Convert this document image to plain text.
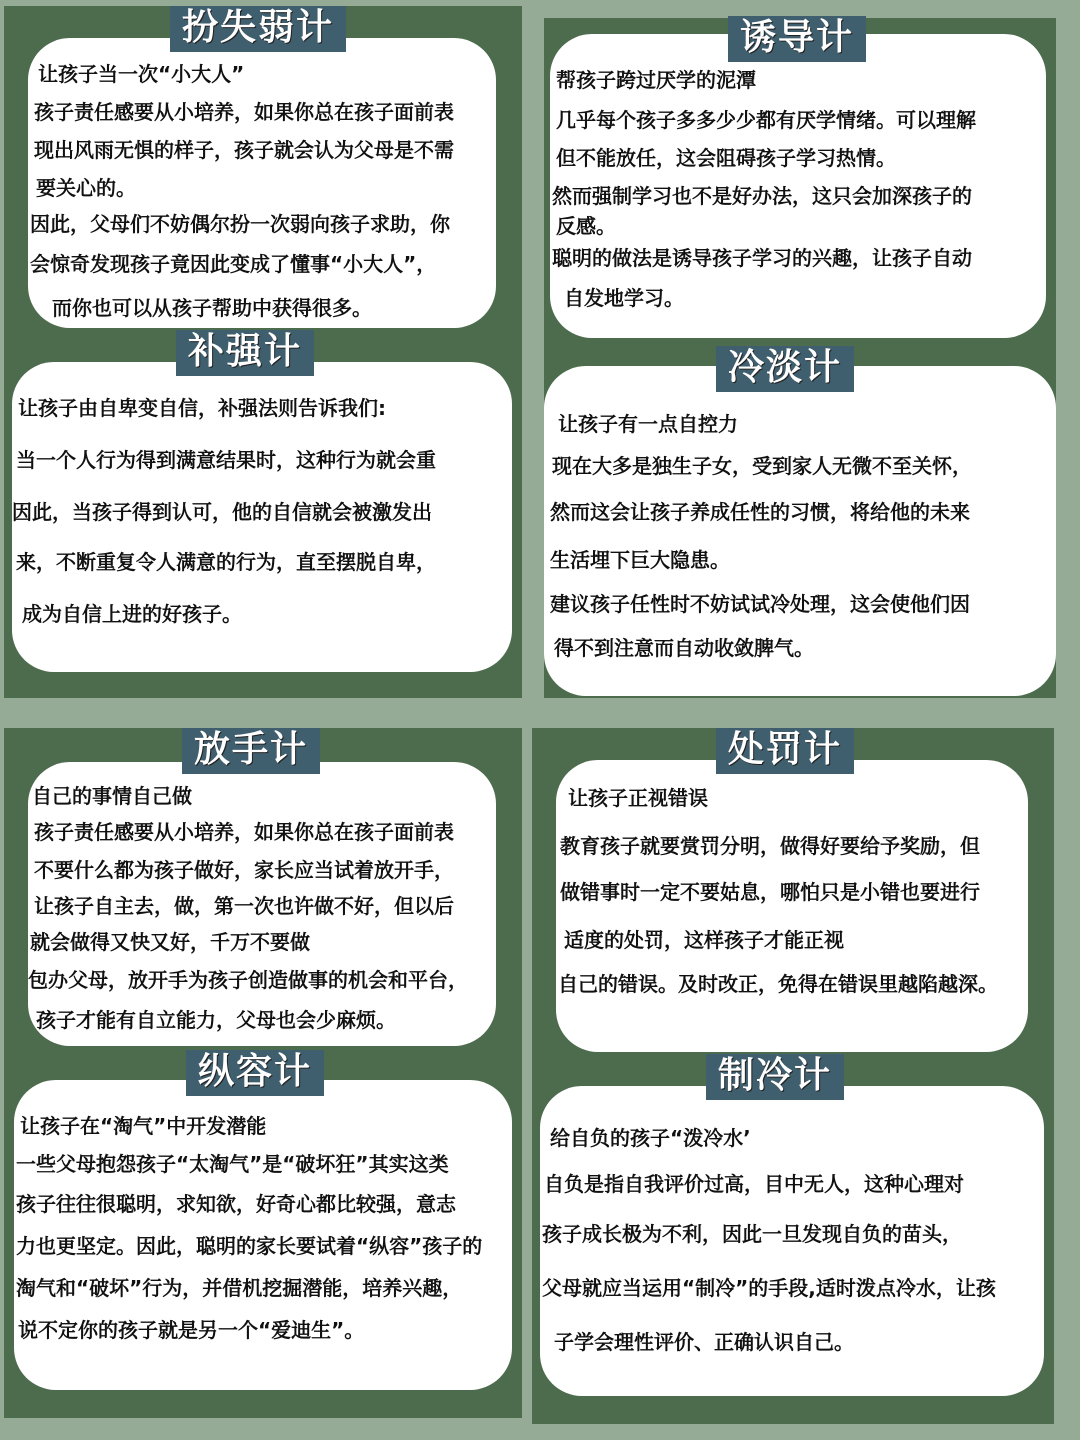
让孩子当一次“小大人”
孩子责任感要从小培养，如果你总在孩子面前表
现出风雨无惧的样子，孩子就会认为父母是不需
要关心的。
因此，父母们不妨偶尔扮一次弱向孩子求助，你
会惊奇发现孩子竟因此变成了懂事“小大人”，
而你也可以从孩子帮助中获得很多。
扮失弱计
帮孩子跨过厌学的泥潭
几乎每个孩子多多少少都有厌学情绪。可以理解
但不能放任，这会阻碍孩子学习热情。
然而强制学习也不是好办法，这只会加深孩子的
反感。
聪明的做法是诱导孩子学习的兴趣，让孩子自动
自发地学习。
诱导计
让孩子由自卑变自信，补强法则告诉我们:
当一个人行为得到满意结果时，这种行为就会重
因此，当孩子得到认可，他的自信就会被激发出
来，不断重复令人满意的行为，直至摆脱自卑，
成为自信上进的好孩子。
补强计
让孩子有一点自控力
现在大多是独生子女，受到家人无微不至关怀，
然而这会让孩子养成任性的习惯，将给他的未来
生活埋下巨大隐患。
建议孩子任性时不妨试试冷处理，这会使他们因
得不到注意而自动收敛脾气。
冷淡计
自己的事情自己做
孩子责任感要从小培养，如果你总在孩子面前表
不要什么都为孩子做好，家长应当试着放开手，
让孩子自主去，做，第一次也许做不好，但以后
就会做得又快又好，千万不要做
包办父母，放开手为孩子创造做事的机会和平台，
孩子才能有自立能力，父母也会少麻烦。
放手计
让孩子正视错误
教育孩子就要赏罚分明，做得好要给予奖励，但
做错事时一定不要姑息，哪怕只是小错也要进行
适度的处罚，这样孩子才能正视
自己的错误。及时改正，免得在错误里越陷越深。
处罚计
让孩子在“淘气”中开发潜能
一些父母抱怨孩子“太淘气”是“破坏狂”其实这类
孩子往往很聪明，求知欲，好奇心都比较强，意志
力也更坚定。因此，聪明的家长要试着“纵容”孩子的
淘气和“破坏”行为，并借机挖掘潜能，培养兴趣，
说不定你的孩子就是另一个“爱迪生”。
纵容计
给自负的孩子“泼冷水’
自负是指自我评价过高，目中无人，这种心理对
孩子成长极为不利，因此一旦发现自负的苗头，
父母就应当运用“制冷”的手段,适时泼点冷水，让孩
子学会理性评价、正确认识自己。
制冷计
